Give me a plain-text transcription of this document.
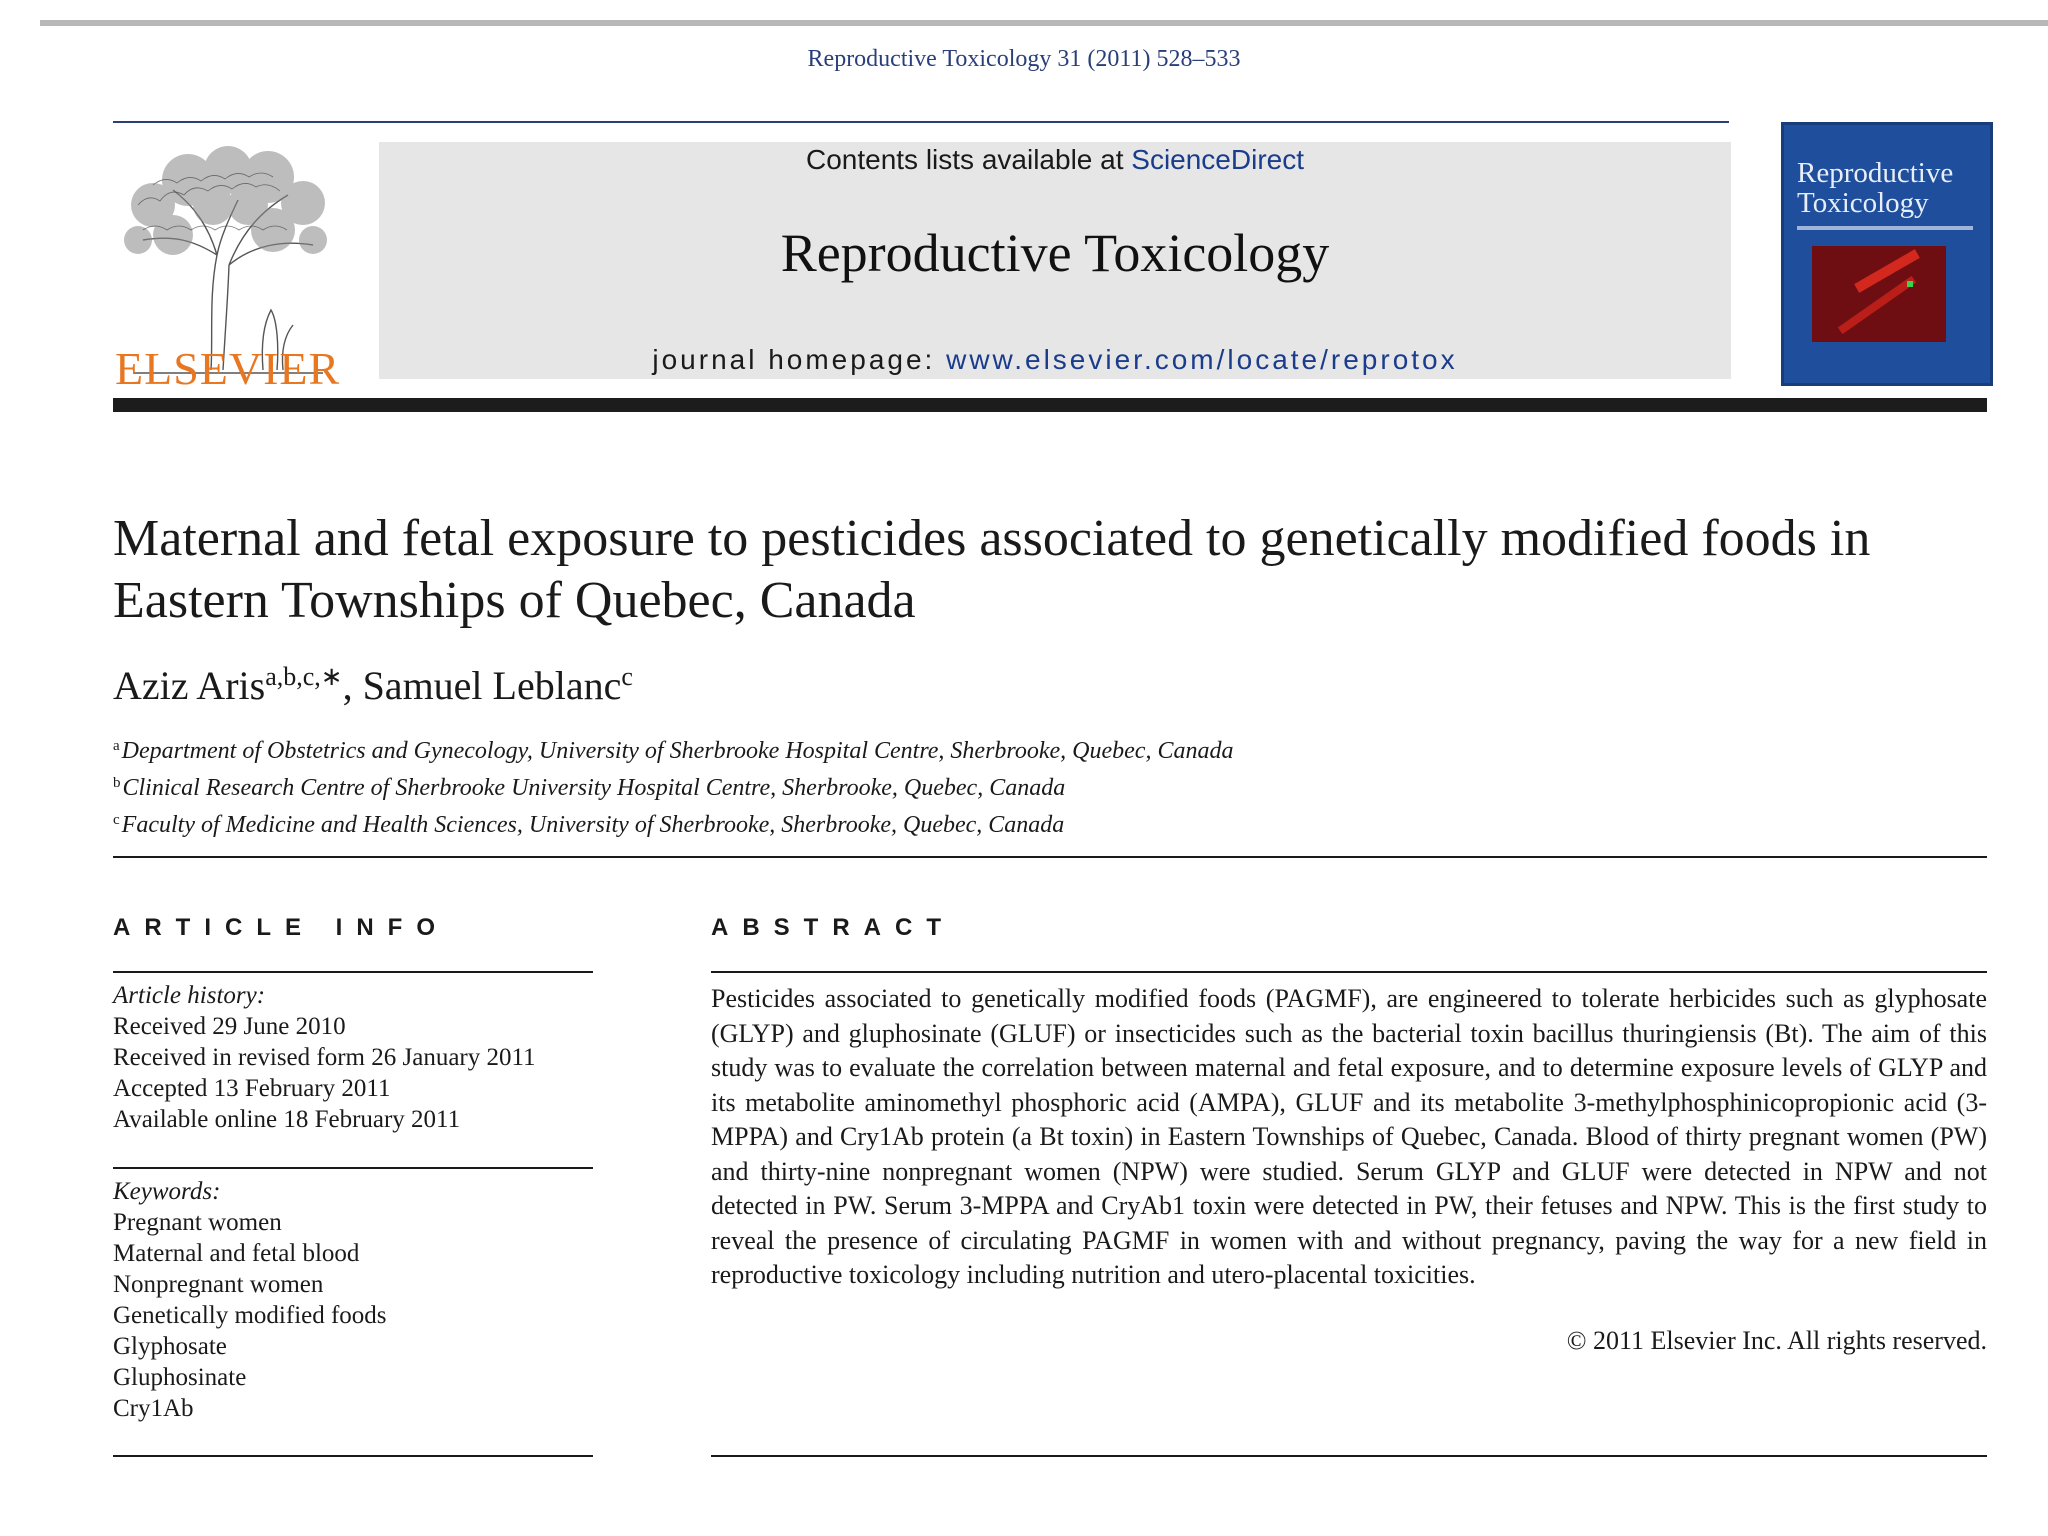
Reproductive Toxicology 31 (2011) 528–533
ELSEVIER
Contents lists available at ScienceDirect
Reproductive Toxicology
journal homepage: www.elsevier.com/locate/reprotox
Reproductive Toxicology
Maternal and fetal exposure to pesticides associated to genetically modified foods in Eastern Townships of Quebec, Canada
Aziz Aris$^{a,b,c,∗}$, Samuel Leblanc$^c$
$^a$Department of Obstetrics and Gynecology, University of Sherbrooke Hospital Centre, Sherbrooke, Quebec, Canada
$^b$Clinical Research Centre of Sherbrooke University Hospital Centre, Sherbrooke, Quebec, Canada
$^c$Faculty of Medicine and Health Sciences, University of Sherbrooke, Sherbrooke, Quebec, Canada
ARTICLE INFO
Article history:
Received 29 June 2010
Received in revised form 26 January 2011
Accepted 13 February 2011
Available online 18 February 2011
Keywords:
Pregnant women
Maternal and fetal blood
Nonpregnant women
Genetically modified foods
Glyphosate
Gluphosinate
Cry1Ab
ABSTRACT
Pesticides associated to genetically modified foods (PAGMF), are engineered to tolerate herbicides such as glyphosate (GLYP) and gluphosinate (GLUF) or insecticides such as the bacterial toxin bacillus thuringiensis (Bt). The aim of this study was to evaluate the correlation between maternal and fetal exposure, and to determine exposure levels of GLYP and its metabolite aminomethyl phosphoric acid (AMPA), GLUF and its metabolite 3-methylphosphinicopropionic acid (3-MPPA) and Cry1Ab protein (a Bt toxin) in Eastern Townships of Quebec, Canada. Blood of thirty pregnant women (PW) and thirty-nine nonpregnant women (NPW) were studied. Serum GLYP and GLUF were detected in NPW and not detected in PW. Serum 3-MPPA and CryAb1 toxin were detected in PW, their fetuses and NPW. This is the first study to reveal the presence of circulating PAGMF in women with and without pregnancy, paving the way for a new field in reproductive toxicology including nutrition and utero-placental toxicities.
© 2011 Elsevier Inc. All rights reserved.
